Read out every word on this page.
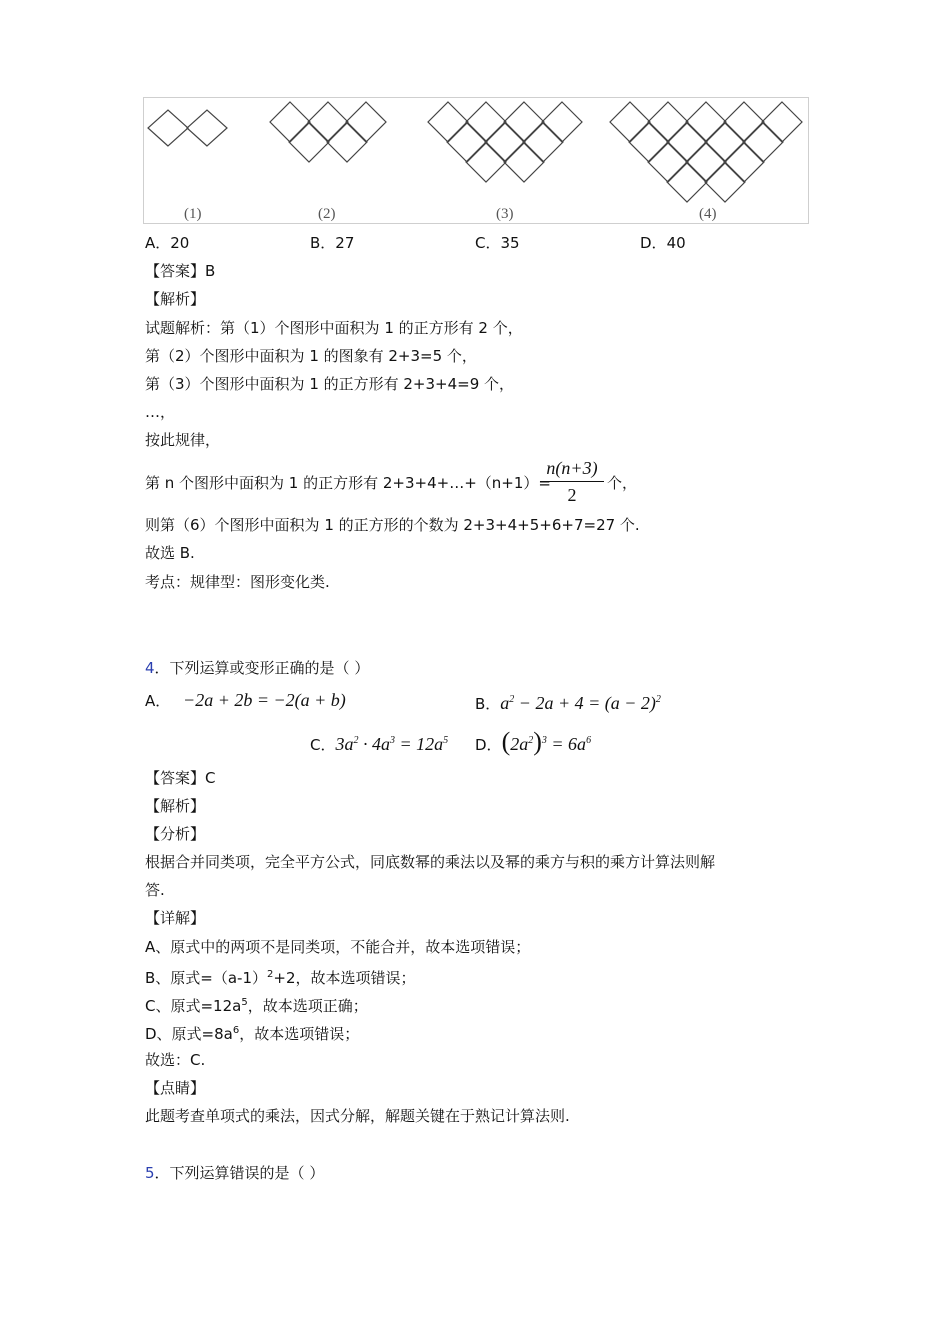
(1)	(2)	(3)	(4)
A．20	B．27	C．35	D．40
【答案】B
【解析】
试题解析：第（1）个图形中面积为 1 的正方形有 2 个，
第（2）个图形中面积为 1 的图象有 2+3=5 个，
第（3）个图形中面积为 1 的正方形有 2+3+4=9 个，
…，
按此规律，
第 n 个图形中面积为 1 的正方形有 2+3+4+…+（n+1）=
n(n+3)
2
个，
则第（6）个图形中面积为 1 的正方形的个数为 2+3+4+5+6+7=27 个.
故选 B.
考点：规律型：图形变化类.
4．下列运算或变形正确的是（ ）
A． −2a + 2b = −2(a + b)	B．$a^2 - 2a + 4 = (a - 2)^2$
C．$3a^2 \cdot 4a^3 = 12a^5$ D．$(2a^2)^3 = 6a^6$
【答案】C
【解析】
【分析】
根据合并同类项，完全平方公式，同底数幂的乘法以及幂的乘方与积的乘方计算法则解
答.
【详解】
A、原式中的两项不是同类项，不能合并，故本选项错误；
B、原式$=(a-1)^2+2$，故本选项错误；
C、原式$=12a^5$，故本选项正确；
D、原式$=8a^6$，故本选项错误；
故选：C.
【点睛】
此题考查单项式的乘法，因式分解，解题关键在于熟记计算法则.
5．下列运算错误的是（ ）
